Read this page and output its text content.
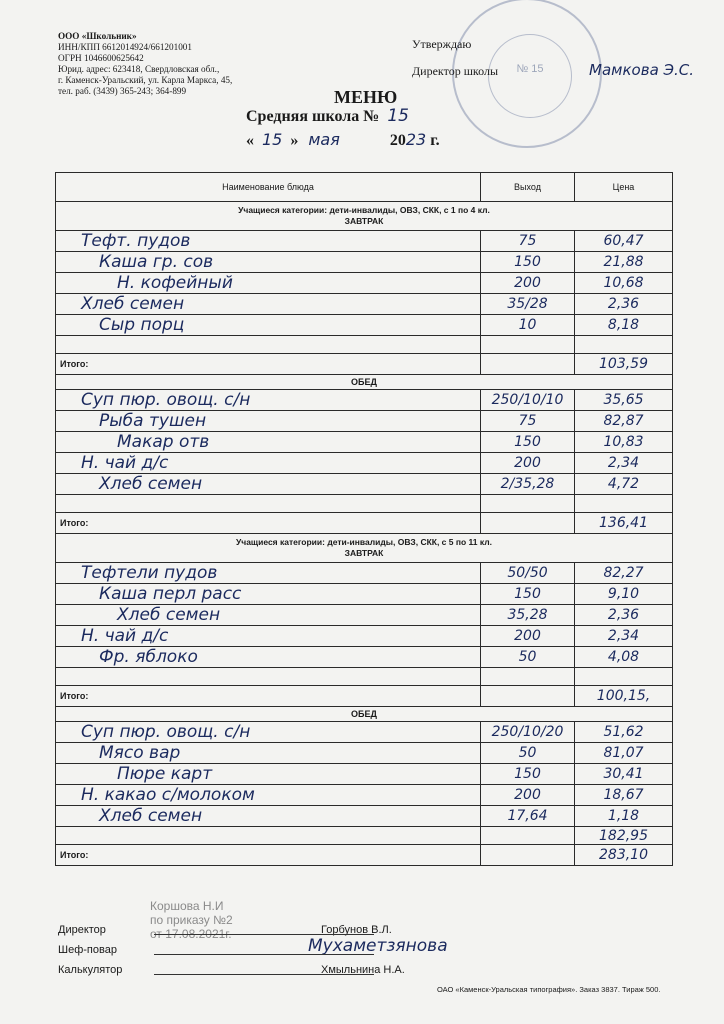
ООО «Школьник»
ИНН/КПП 6612014924/661201001
ОГРН 1046600625642
Юрид. адрес: 623418, Свердловская обл.,
г. Каменск-Уральский, ул. Карла Маркса, 45,
тел. раб. (3439) 365-243; 364-899
№ 15
Утверждаю
Директор школы	Мамкова Э.С.
МЕНЮ
Средняя школа № 15
« 15 » мая	2023 г.
Наименование блюда	Выход	Цена

Учащиеся категории: дети-инвалиды, ОВЗ, СКК, с 1 по 4 кл.
ЗАВТРАК		

Тефт. пудов	75	60,47
Каша гр. сов	150	21,88
Н. кофейный	200	10,68
Хлеб семен	35/28	2,36
Сыр порц	10	8,18

Итого:		103,59

ОБЕД		

Суп пюр. овощ. с/н	250/10/10	35,65
Рыба тушен	75	82,87
Макар отв	150	10,83
Н. чай д/с	200	2,34
Хлеб семен	2/35,28	4,72

Итого:		136,41

Учащиеся категории: дети-инвалиды, ОВЗ, СКК, с 5 по 11 кл.
ЗАВТРАК		

Тефтели пудов	50/50	82,27
Каша перл расс	150	9,10
Хлеб семен	35,28	2,36
Н. чай д/с	200	2,34
Фр. яблоко	50	4,08

Итого:		100,15,

ОБЕД		

Суп пюр. овощ. с/н	250/10/20	51,62
Мясо вар	50	81,07
Пюре карт	150	30,41
Н. какао с/молоком	200	18,67
Хлеб семен	17,64	1,18
		182,95
Итого:		283,10
Коршова Н.И
по приказу №2
от 17.08.2021г.
Директор	Горбунов В.Л.
Шеф-повар	Мухаметзянова
Калькулятор	Хмыльнина Н.А.
ОАО «Каменск-Уральская типография». Заказ 3837. Тираж 500.
